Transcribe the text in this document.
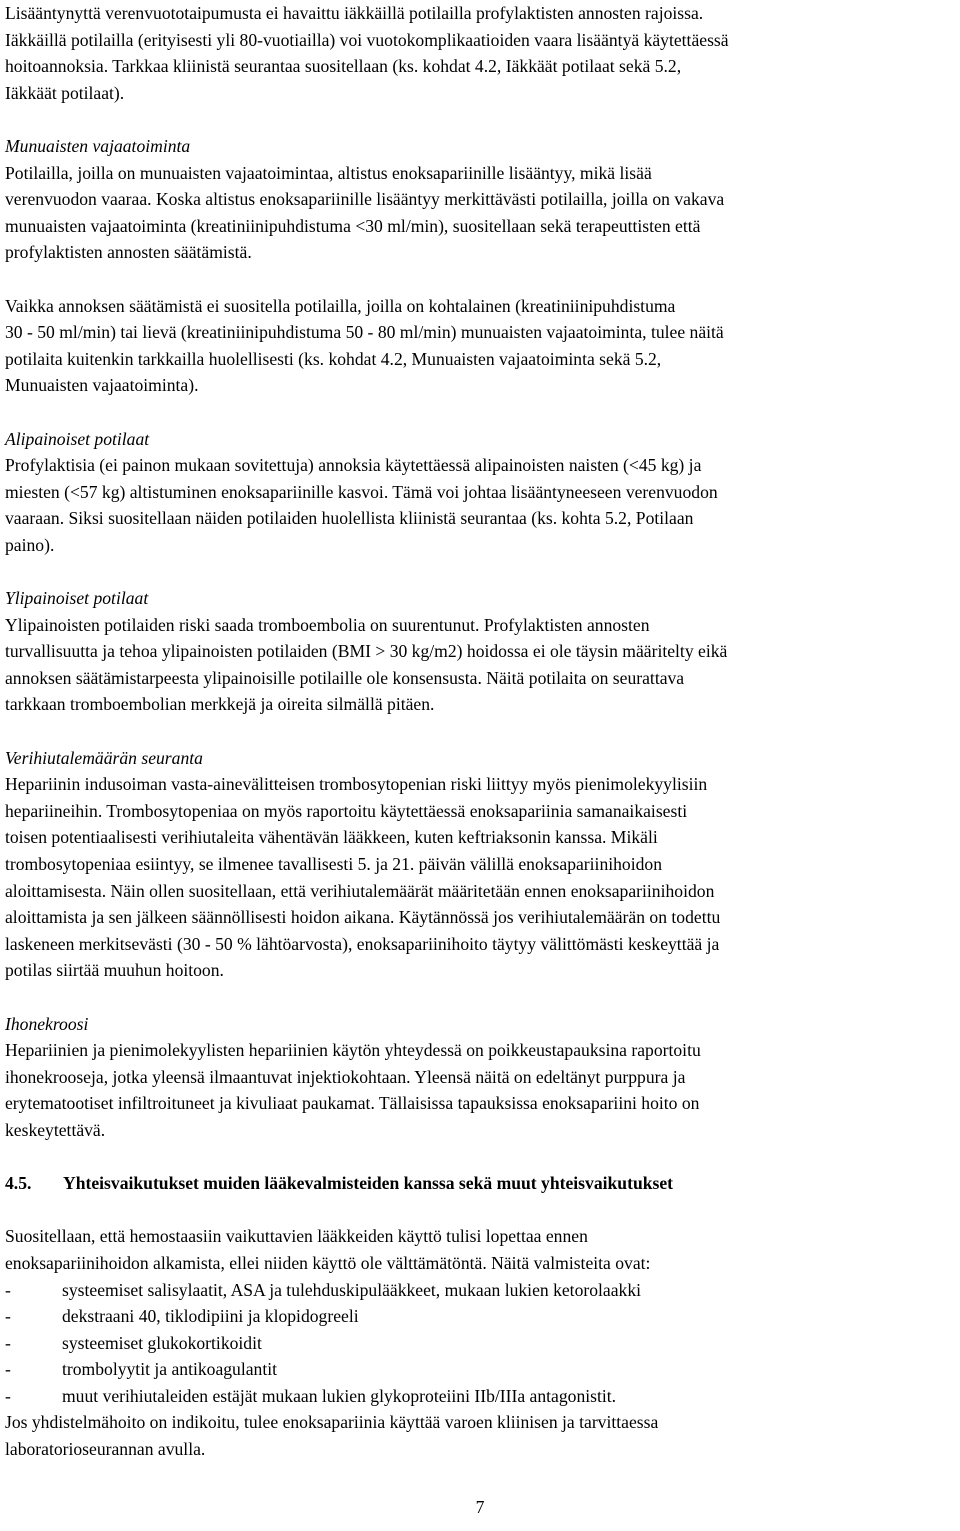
Lisääntynyttä verenvuototaipumusta ei havaittu iäkkäillä potilailla profylaktisten annosten rajoissa.
Iäkkäillä potilailla (erityisesti yli 80-vuotiailla) voi vuotokomplikaatioiden vaara lisääntyä käytettäessä
hoitoannoksia. Tarkkaa kliinistä seurantaa suositellaan (ks. kohdat 4.2, Iäkkäät potilaat sekä 5.2,
Iäkkäät potilaat).

Munuaisten vajaatoiminta

Potilailla, joilla on munuaisten vajaatoimintaa, altistus enoksapariinille lisääntyy, mikä lisää
verenvuodon vaaraa. Koska altistus enoksapariinille lisääntyy merkittävästi potilailla, joilla on vakava
munuaisten vajaatoiminta (kreatiniinipuhdistuma <30 ml/min), suositellaan sekä terapeuttisten että
profylaktisten annosten säätämistä.

Vaikka annoksen säätämistä ei suositella potilailla, joilla on kohtalainen (kreatiniinipuhdistuma
30 - 50 ml/min) tai lievä (kreatiniinipuhdistuma 50 - 80 ml/min) munuaisten vajaatoiminta, tulee näitä
potilaita kuitenkin tarkkailla huolellisesti (ks. kohdat 4.2, Munuaisten vajaatoiminta sekä 5.2,
Munuaisten vajaatoiminta).

Alipainoiset potilaat

Profylaktisia (ei painon mukaan sovitettuja) annoksia käytettäessä alipainoisten naisten (<45 kg) ja
miesten (<57 kg) altistuminen enoksapariinille kasvoi. Tämä voi johtaa lisääntyneeseen verenvuodon
vaaraan. Siksi suositellaan näiden potilaiden huolellista kliinistä seurantaa (ks. kohta 5.2, Potilaan
paino).

Ylipainoiset potilaat

Ylipainoisten potilaiden riski saada tromboembolia on suurentunut. Profylaktisten annosten
turvallisuutta ja tehoa ylipainoisten potilaiden (BMI > 30 kg/m2) hoidossa ei ole täysin määritelty eikä
annoksen säätämistarpeesta ylipainoisille potilaille ole konsensusta. Näitä potilaita on seurattava
tarkkaan tromboembolian merkkejä ja oireita silmällä pitäen.

Verihiutalemäärän seuranta

Hepariinin indusoiman vasta-ainevälitteisen trombosytopenian riski liittyy myös pienimolekyylisiin
hepariineihin. Trombosytopeniaa on myös raportoitu käytettäessä enoksapariinia samanaikaisesti
toisen potentiaalisesti verihiutaleita vähentävän lääkkeen, kuten keftriaksonin kanssa. Mikäli
trombosytopeniaa esiintyy, se ilmenee tavallisesti 5. ja 21. päivän välillä enoksapariinihoidon
aloittamisesta. Näin ollen suositellaan, että verihiutalemäärät määritetään ennen enoksapariinihoidon
aloittamista ja sen jälkeen säännöllisesti hoidon aikana. Käytännössä jos verihiutalemäärän on todettu
laskeneen merkitsevästi (30 - 50 % lähtöarvosta), enoksapariinihoito täytyy välittömästi keskeyttää ja
potilas siirtää muuhun hoitoon.

Ihonekroosi

Hepariinien ja pienimolekyylisten hepariinien käytön yhteydessä on poikkeustapauksina raportoitu
ihonekrooseja, jotka yleensä ilmaantuvat injektiokohtaan. Yleensä näitä on edeltänyt purppura ja
erytematootiset infiltroituneet ja kivuliaat paukamat. Tällaisissa tapauksissa enoksapariini hoito on
keskeytettävä.

4.5. Yhteisvaikutukset muiden lääkevalmisteiden kanssa sekä muut yhteisvaikutukset

Suositellaan, että hemostaasiin vaikuttavien lääkkeiden käyttö tulisi lopettaa ennen
enoksapariinihoidon alkamista, ellei niiden käyttö ole välttämätöntä. Näitä valmisteita ovat:

-	systeemiset salisylaatit, ASA ja tulehduskipulääkkeet, mukaan lukien ketorolaakki
-	dekstraani 40, tiklodipiini ja klopidogreeli
-	systeemiset glukokortikoidit
-	trombolyytit ja antikoagulantit
-	muut verihiutaleiden estäjät mukaan lukien glykoproteiini IIb/IIIa antagonistit.

Jos yhdistelmähoito on indikoitu, tulee enoksapariinia käyttää varoen kliinisen ja tarvittaessa
laboratorioseurannan avulla.

7
